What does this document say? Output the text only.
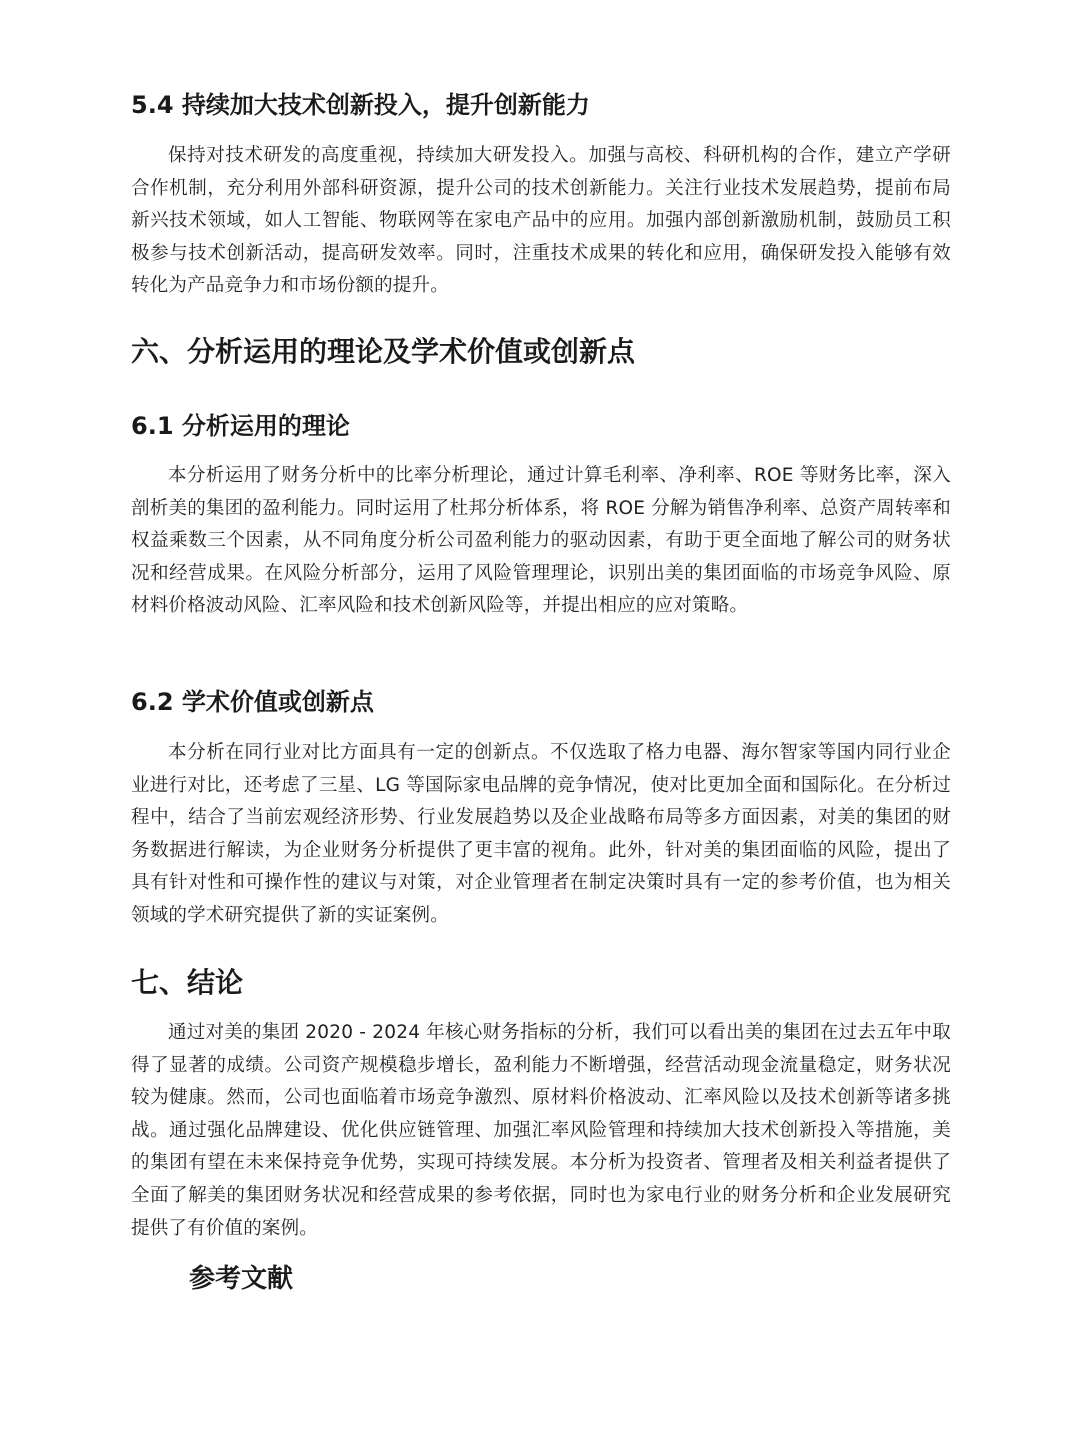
5.4 持续加大技术创新投入，提升创新能力

保持对技术研发的高度重视，持续加大研发投入。加强与高校、科研机构的合作，建立产学研合作机制，充分利用外部科研资源，提升公司的技术创新能力。关注行业技术发展趋势，提前布局新兴技术领域，如人工智能、物联网等在家电产品中的应用。加强内部创新激励机制，鼓励员工积极参与技术创新活动，提高研发效率。同时，注重技术成果的转化和应用，确保研发投入能够有效转化为产品竞争力和市场份额的提升。

六、分析运用的理论及学术价值或创新点
6.1 分析运用的理论

本分析运用了财务分析中的比率分析理论，通过计算毛利率、净利率、ROE 等财务比率，深入剖析美的集团的盈利能力。同时运用了杜邦分析体系，将 ROE 分解为销售净利率、总资产周转率和权益乘数三个因素，从不同角度分析公司盈利能力的驱动因素，有助于更全面地了解公司的财务状况和经营成果。在风险分析部分，运用了风险管理理论，识别出美的集团面临的市场竞争风险、原材料价格波动风险、汇率风险和技术创新风险等，并提出相应的应对策略。

6.2 学术价值或创新点

本分析在同行业对比方面具有一定的创新点。不仅选取了格力电器、海尔智家等国内同行业企业进行对比，还考虑了三星、LG 等国际家电品牌的竞争情况，使对比更加全面和国际化。在分析过程中，结合了当前宏观经济形势、行业发展趋势以及企业战略布局等多方面因素，对美的集团的财务数据进行解读，为企业财务分析提供了更丰富的视角。此外，针对美的集团面临的风险，提出了具有针对性和可操作性的建议与对策，对企业管理者在制定决策时具有一定的参考价值，也为相关领域的学术研究提供了新的实证案例。

七、结论

通过对美的集团 2020 - 2024 年核心财务指标的分析，我们可以看出美的集团在过去五年中取得了显著的成绩。公司资产规模稳步增长，盈利能力不断增强，经营活动现金流量稳定，财务状况较为健康。然而，公司也面临着市场竞争激烈、原材料价格波动、汇率风险以及技术创新等诸多挑战。通过强化品牌建设、优化供应链管理、加强汇率风险管理和持续加大技术创新投入等措施，美的集团有望在未来保持竞争优势，实现可持续发展。本分析为投资者、管理者及相关利益者提供了全面了解美的集团财务状况和经营成果的参考依据，同时也为家电行业的财务分析和企业发展研究提供了有价值的案例。

参考文献
